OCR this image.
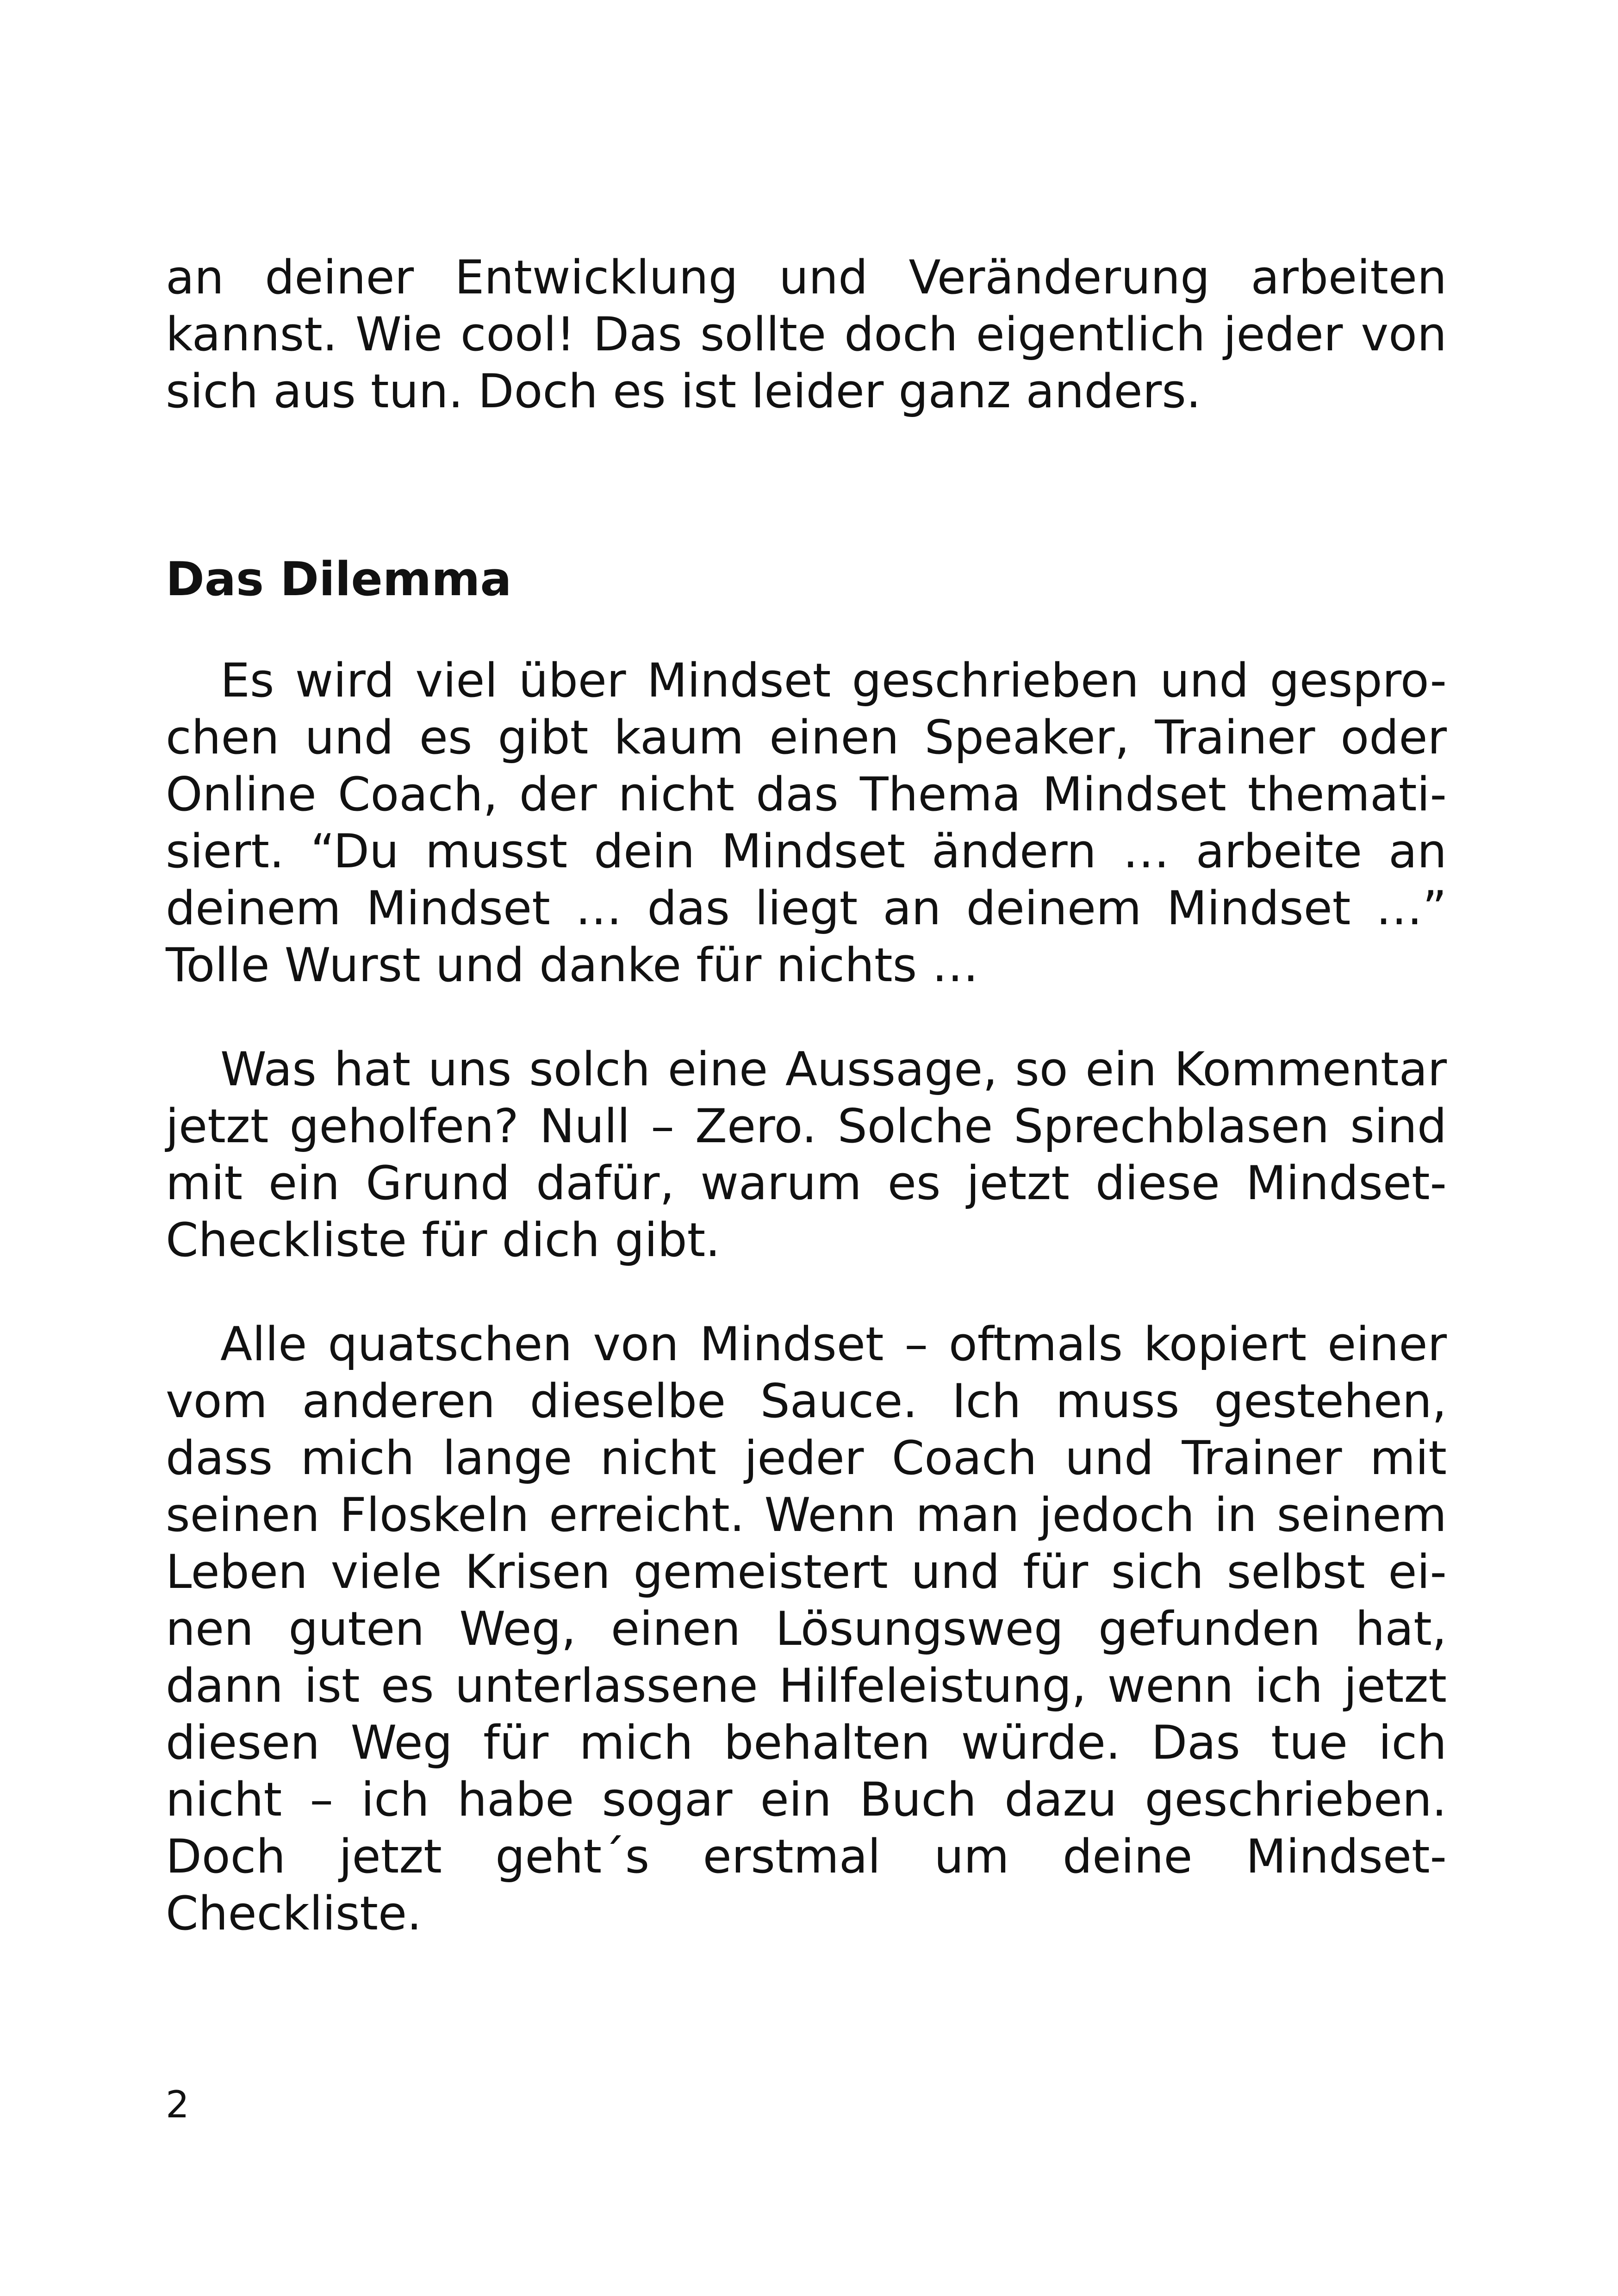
an deiner Entwicklung und Veränderung arbeiten
kannst. Wie cool! Das sollte doch eigentlich jeder von
sich aus tun. Doch es ist leider ganz anders.
Das Dilemma
Es wird viel über Mindset geschrieben und gespro-
chen und es gibt kaum einen Speaker, Trainer oder
Online Coach, der nicht das Thema Mindset themati-
siert. “Du musst dein Mindset ändern … arbeite an
deinem Mindset … das liegt an deinem Mindset …”
Tolle Wurst und danke für nichts …
Was hat uns solch eine Aussage, so ein Kommentar
jetzt geholfen? Null – Zero. Solche Sprechblasen sind
mit ein Grund dafür, warum es jetzt diese Mindset-
Checkliste für dich gibt.
Alle quatschen von Mindset – oftmals kopiert einer
vom anderen dieselbe Sauce. Ich muss gestehen,
dass mich lange nicht jeder Coach und Trainer mit
seinen Floskeln erreicht. Wenn man jedoch in seinem
Leben viele Krisen gemeistert und für sich selbst ei-
nen guten Weg, einen Lösungsweg gefunden hat,
dann ist es unterlassene Hilfeleistung, wenn ich jetzt
diesen Weg für mich behalten würde. Das tue ich
nicht – ich habe sogar ein Buch dazu geschrieben.
Doch jetzt geht´s erstmal um deine Mindset-
Checkliste.
2
